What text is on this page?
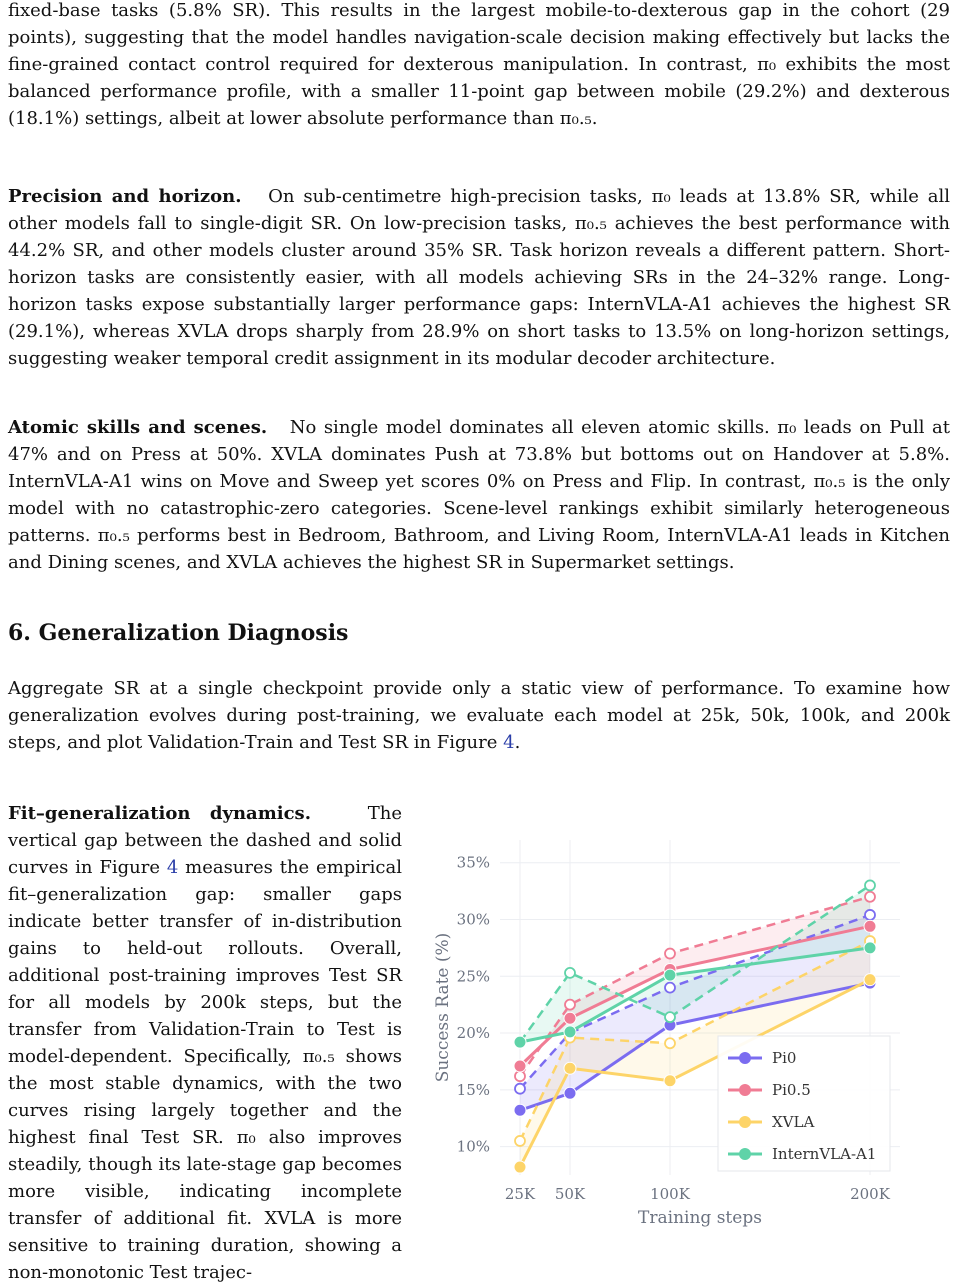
fixed-base tasks (5.8% SR). This results in the largest mobile-to-dexterous gap in the cohort (29 points), suggesting that the model handles navigation-scale decision making effectively but lacks the fine-grained contact control required for dexterous manipulation. In contrast, π₀ exhibits the most balanced performance profile, with a smaller 11-point gap between mobile (29.2%) and dexterous (18.1%) settings, albeit at lower absolute performance than π₀.₅.

Precision and horizon. On sub-centimetre high-precision tasks, π₀ leads at 13.8% SR, while all other models fall to single-digit SR. On low-precision tasks, π₀.₅ achieves the best performance with 44.2% SR, and other models cluster around 35% SR. Task horizon reveals a different pattern. Short-horizon tasks are consistently easier, with all models achieving SRs in the 24–32% range. Long-horizon tasks expose substantially larger performance gaps: InternVLA-A1 achieves the highest SR (29.1%), whereas XVLA drops sharply from 28.9% on short tasks to 13.5% on long-horizon settings, suggesting weaker temporal credit assignment in its modular decoder architecture.

Atomic skills and scenes. No single model dominates all eleven atomic skills. π₀ leads on Pull at 47% and on Press at 50%. XVLA dominates Push at 73.8% but bottoms out on Handover at 5.8%. InternVLA-A1 wins on Move and Sweep yet scores 0% on Press and Flip. In contrast, π₀.₅ is the only model with no catastrophic-zero categories. Scene-level rankings exhibit similarly heterogeneous patterns. π₀.₅ performs best in Bedroom, Bathroom, and Living Room, InternVLA-A1 leads in Kitchen and Dining scenes, and XVLA achieves the highest SR in Supermarket settings.

6. Generalization Diagnosis

Aggregate SR at a single checkpoint provide only a static view of performance. To examine how generalization evolves during post-training, we evaluate each model at 25k, 50k, 100k, and 200k steps, and plot Validation-Train and Test SR in Figure 4.

Fit–generalization dynamics.	The vertical gap between the dashed and solid curves in Figure 4 measures the empirical fit–generalization gap: smaller gaps indicate better transfer of in-distribution gains to held-out rollouts. Overall, additional post-training improves Test SR for all models by 200k steps, but the transfer from Validation-Train to Test is model-dependent. Specifically, π₀.₅ shows the most stable dynamics, with the two curves rising largely together and the highest final Test SR. π₀ also improves steadily, though its late-stage gap becomes more visible, indicating incomplete transfer of additional fit. XVLA is more sensitive to training duration, showing a non-monotonic Test trajec-

10%
15%
20%
25%
30%
35%
25K 50K	100K	200K
Training steps
Success Rate (%)	Pi0
Pi0.5
XVLA
InternVLA-A1
